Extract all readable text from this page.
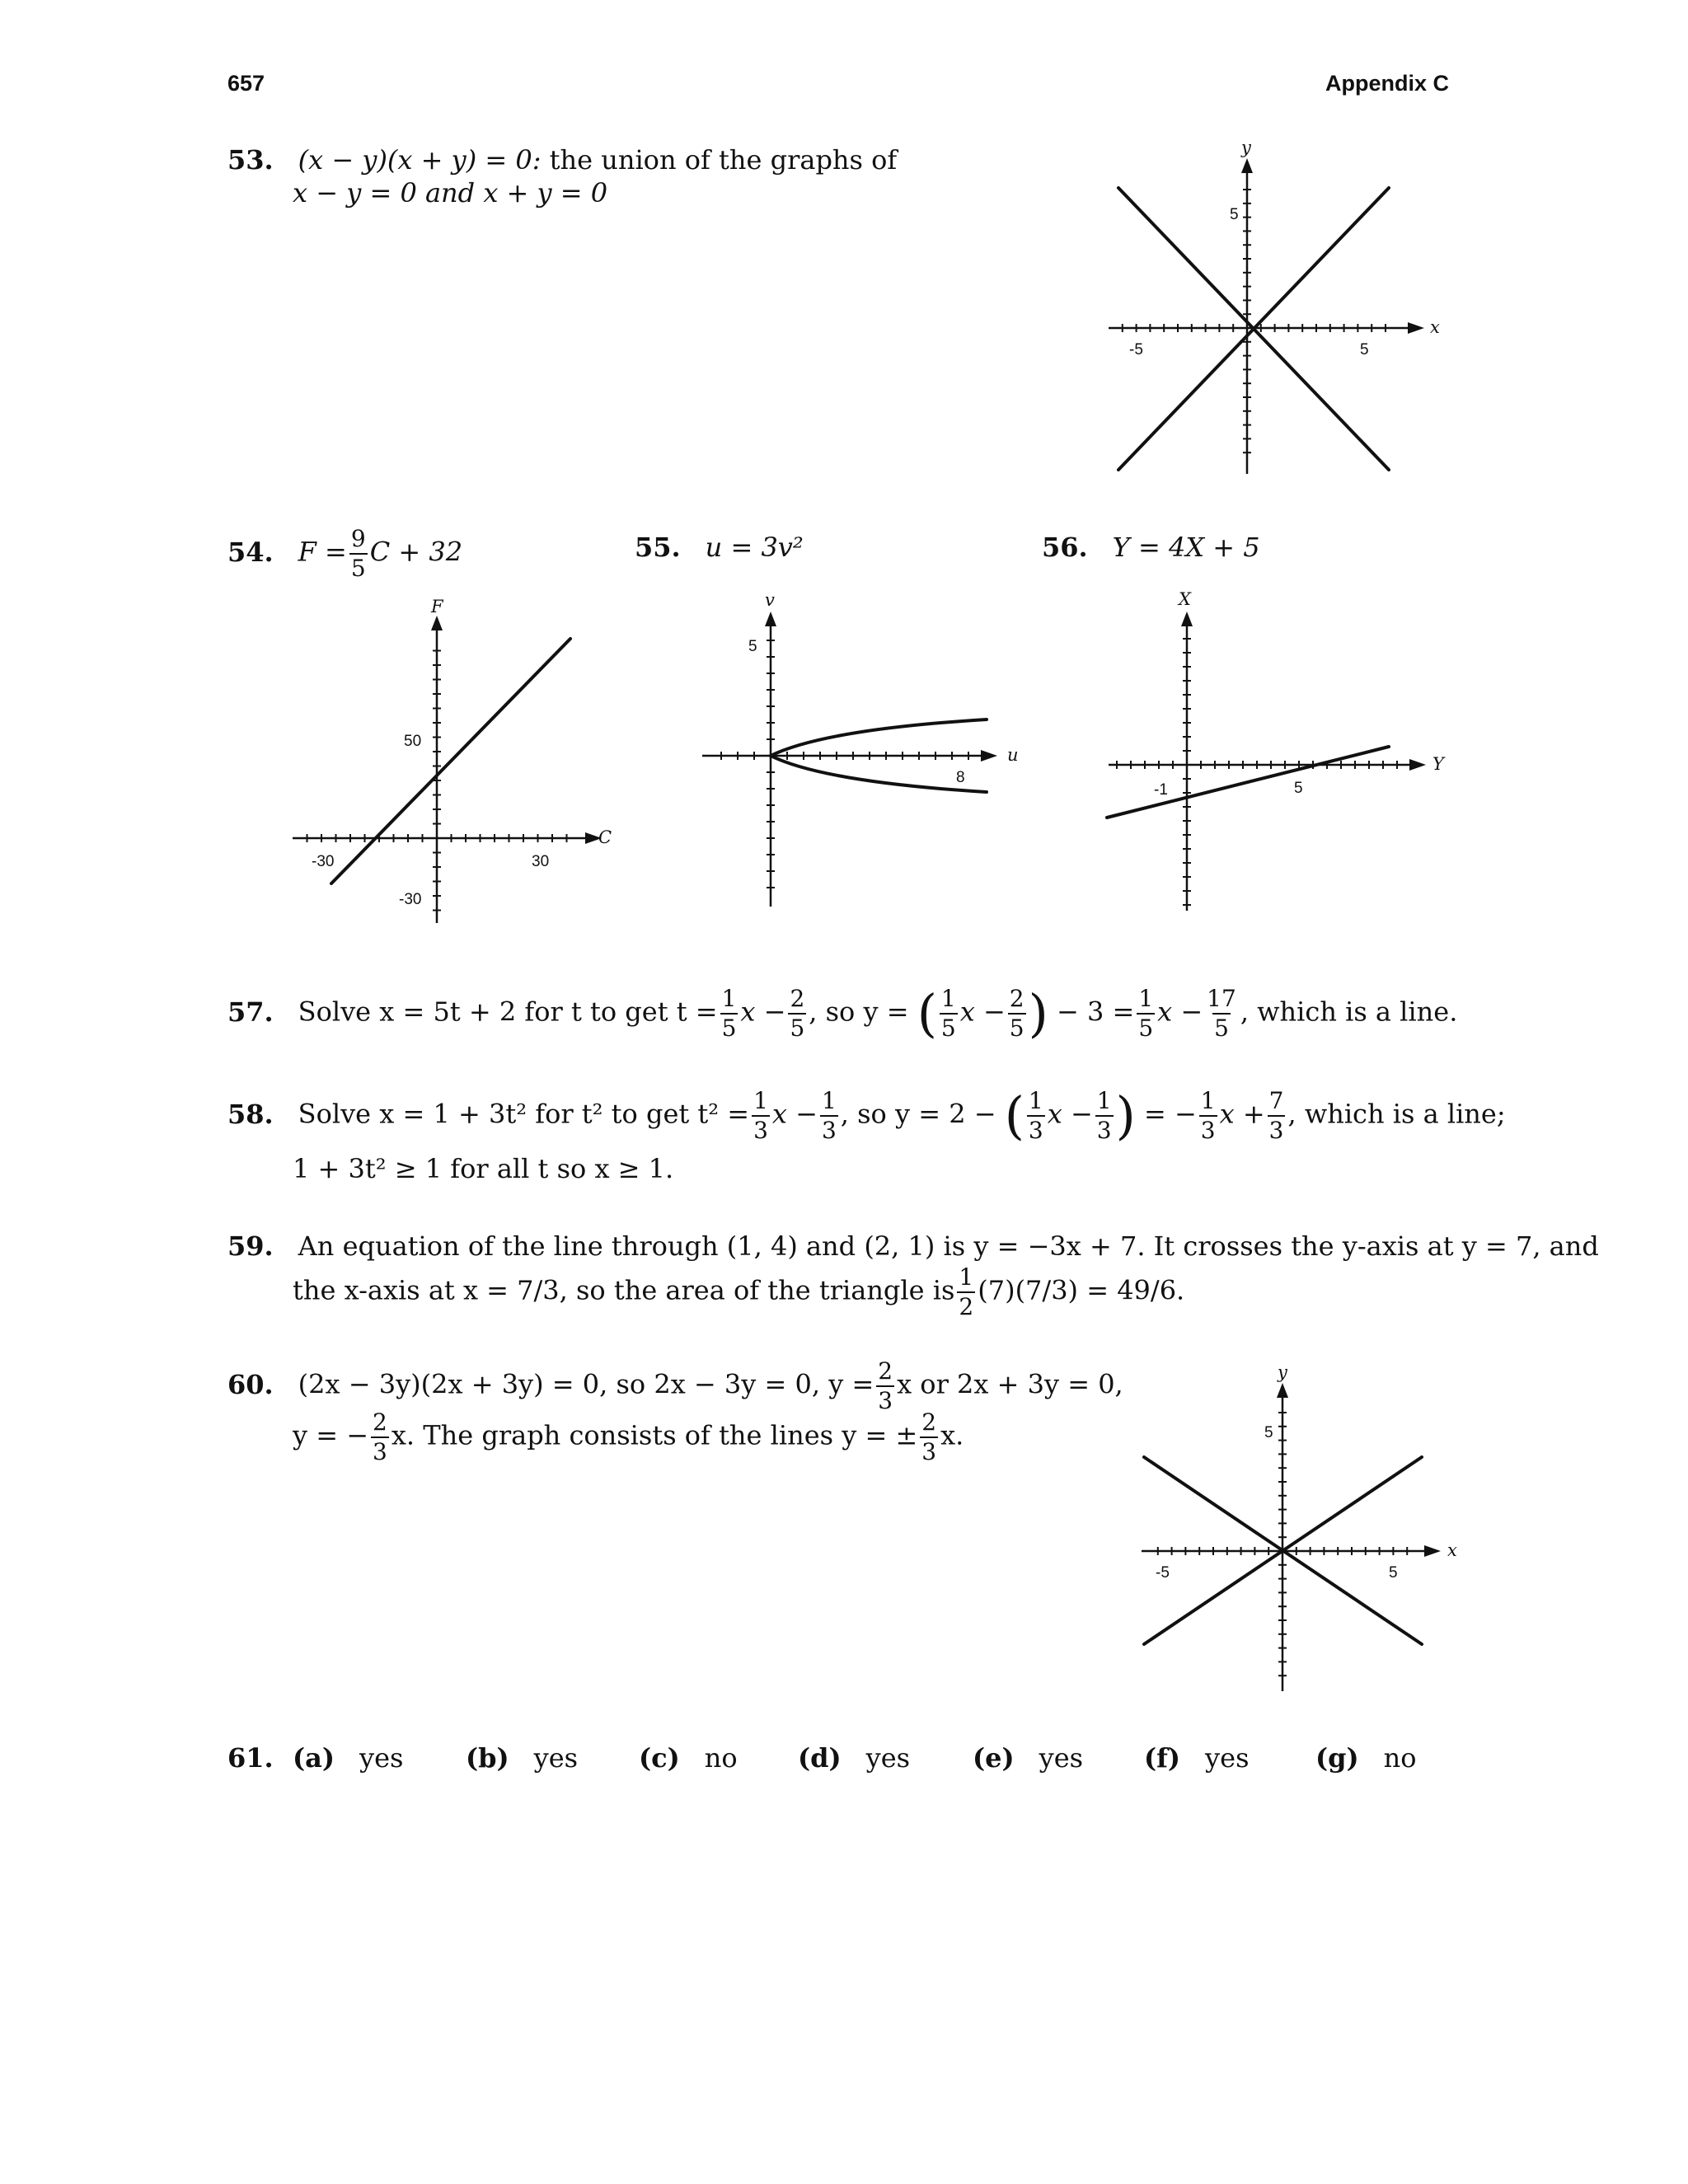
657	Appendix C
53. (x − y)(x + y) = 0: the union of the graphs of
x − y = 0 and x + y = 0
x
y
-5	5
5
54. $F = \frac{9}{5}$ C + 32	55. u = 3v²	56. Y = 4X + 5
C
F
-30	30
50
-30
u
v
8
5
Y
X
5
-1
57. Solve x = 5t + 2 for t to get $t = \frac{1}{5}$ $x - \frac{2}{5}$ , so y = ( $\frac{1}{5}$ $x - \frac{2}{5}$ ) − $3 = \frac{1}{5}$ $x - \frac{17}{5}$ , which is a line.
58. Solve x = 1 + 3t² for t² to get $t^2 = \frac{1}{3}$ $x - \frac{1}{3}$ , so y = 2 − ( $\frac{1}{3}$ $x - \frac{1}{3}$ ) = − $\frac{1}{3}$ $x + \frac{7}{3}$ , which is a line;
1 + 3t² ≥ 1 for all t so x ≥ 1.
59. An equation of the line through (1, 4) and (2, 1) is y = −3x + 7. It crosses the y-axis at y = 7, and
the x-axis at x = 7/3, so the area of the triangle is $\frac{1}{2} (7)(7/3) = 49/6$.
60. (2x − 3y)(2x + 3y) = 0, so 2x − 3y = 0, $y = \frac{2}{3}$ x or 2x + 3y = 0,
y = − $\frac{2}{3} x$. The graph consists of the lines y = ± $\frac{2}{3} x$.
x
y
-5	5
5
61. (a) yes (b) yes (c) no (d) yes (e) yes (f) yes	(g) no
